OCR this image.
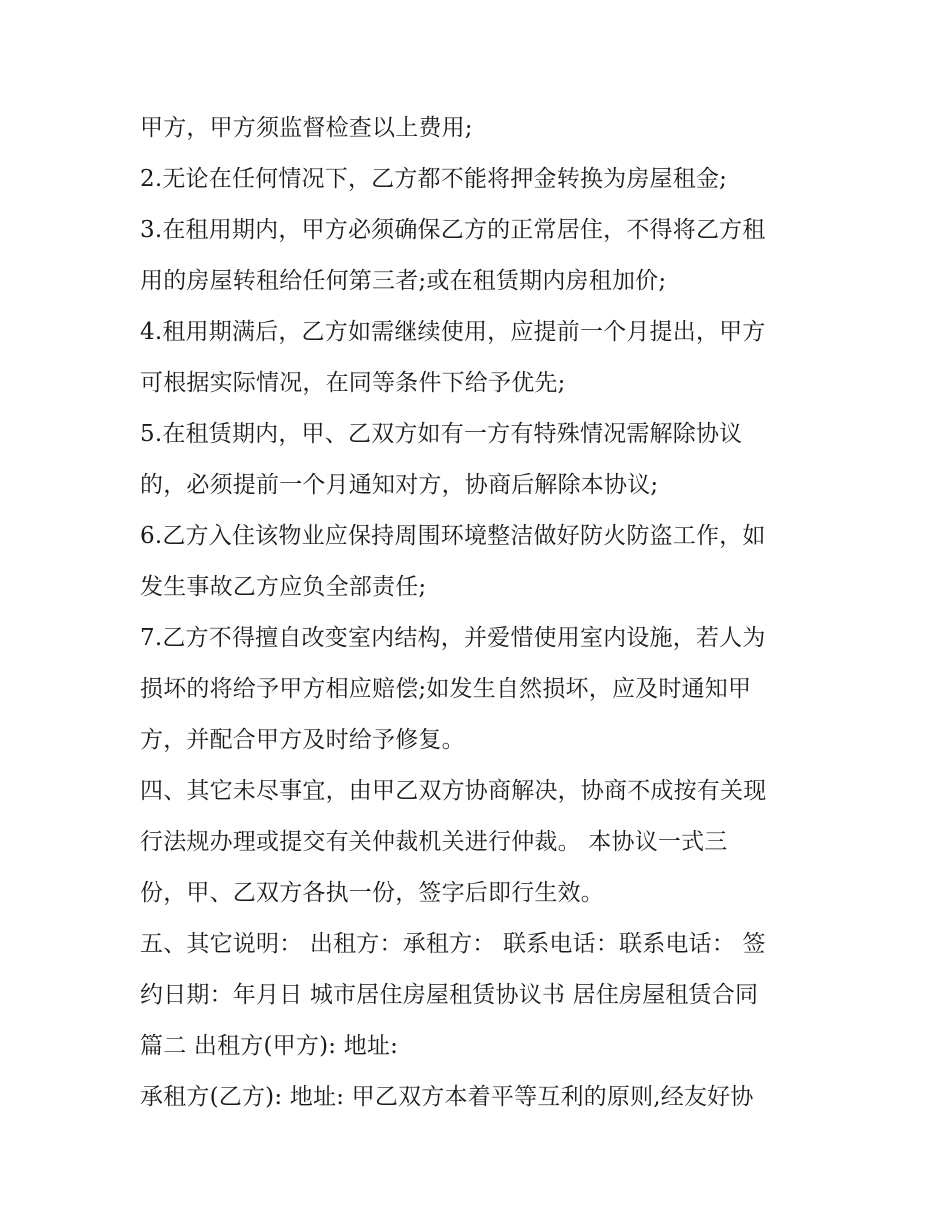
甲方，甲方须监督检查以上费用;
2.无论在任何情况下，乙方都不能将押金转换为房屋租金;
3.在租用期内，甲方必须确保乙方的正常居住，不得将乙方租
用的房屋转租给任何第三者;或在租赁期内房租加价;
4.租用期满后，乙方如需继续使用，应提前一个月提出，甲方
可根据实际情况，在同等条件下给予优先;
5.在租赁期内，甲、乙双方如有一方有特殊情况需解除协议
的，必须提前一个月通知对方，协商后解除本协议;
6.乙方入住该物业应保持周围环境整洁做好防火防盗工作，如
发生事故乙方应负全部责任;
7.乙方不得擅自改变室内结构，并爱惜使用室内设施，若人为
损坏的将给予甲方相应赔偿;如发生自然损坏，应及时通知甲
方，并配合甲方及时给予修复。
四、其它未尽事宜，由甲乙双方协商解决，协商不成按有关现
行法规办理或提交有关仲裁机关进行仲裁。 本协议一式三
份，甲、乙双方各执一份，签字后即行生效。
五、其它说明： 出租方：承租方： 联系电话：联系电话： 签
约日期：年月日 城市居住房屋租赁协议书 居住房屋租赁合同
篇二 出租方(甲方): 地址:
承租方(乙方): 地址: 甲乙双方本着平等互利的原则,经友好协
